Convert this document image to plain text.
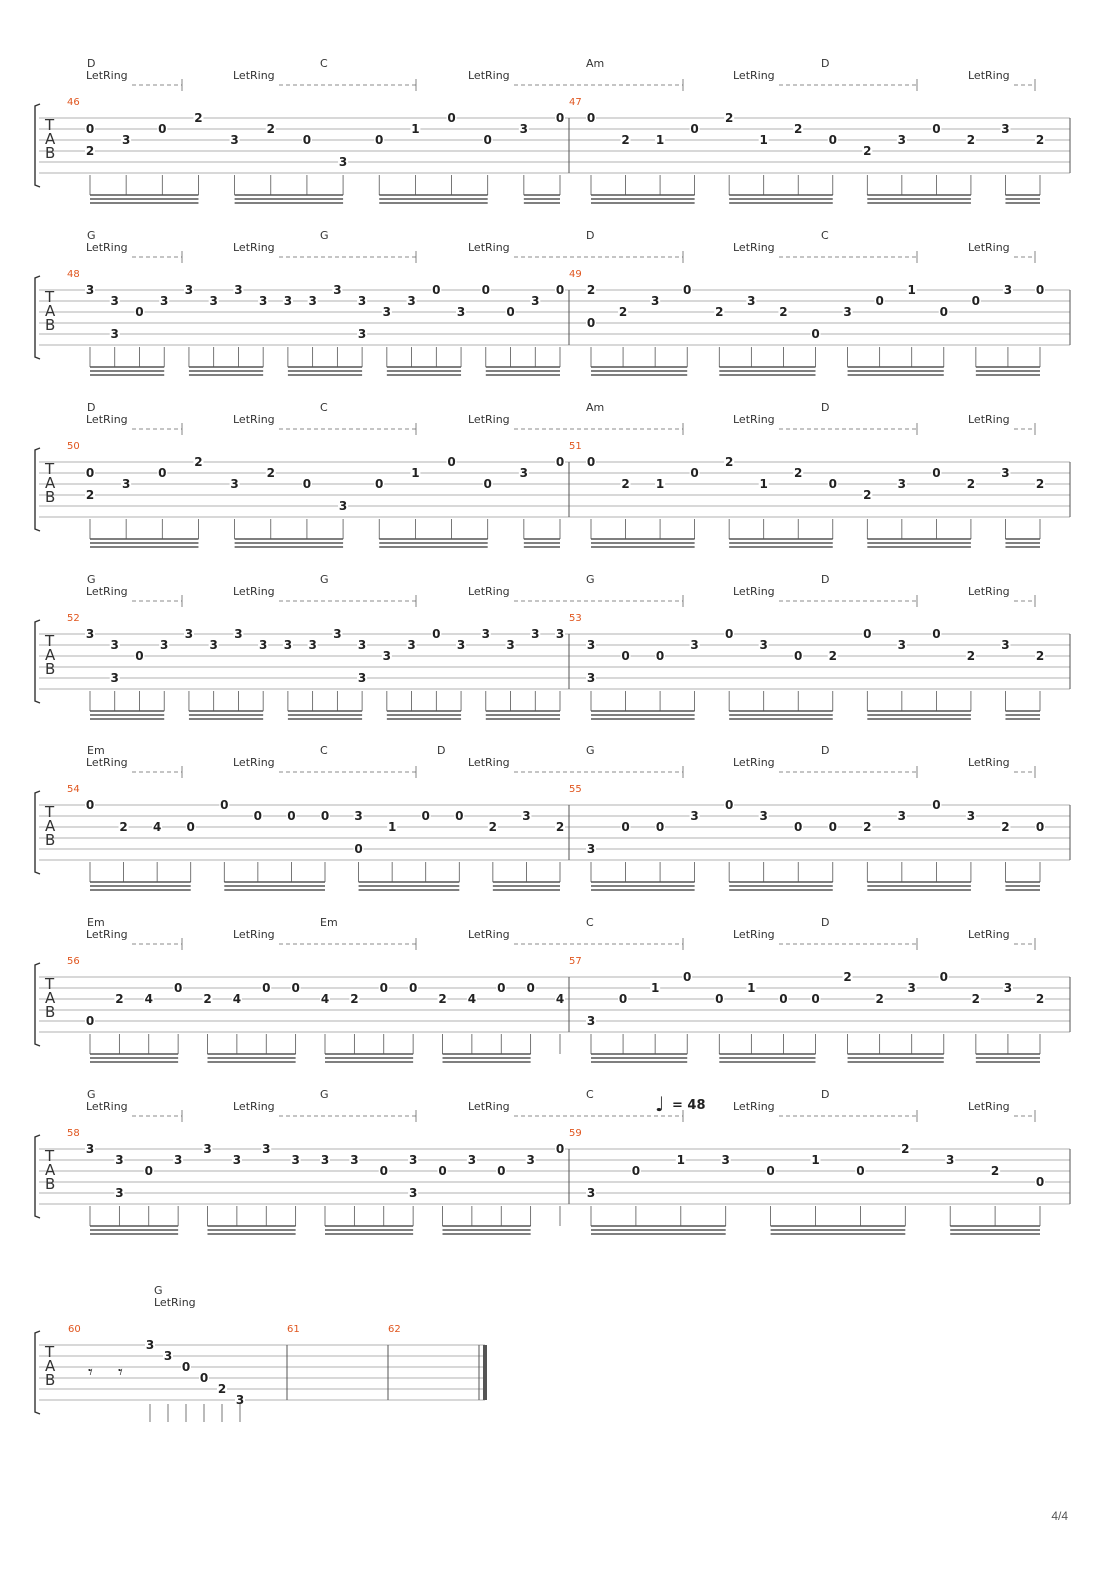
T
A
B
46	47
LetRing	LetRing	LetRing	LetRing	LetRing
D	C	Am	D
0
2
3
0
2
3
2
0
3
0
1
0
0
3
0 0
2 1
0
2
1
2
0
2
3
0
2
3
2
T
A
B
48	49
LetRing	LetRing	LetRing	LetRing	LetRing
G	G	D	C
3
3
3
0
3
3
3
3
3 3 3
3
3
3
3
3
0
3
0
0
3
0 2
0
2
3
0
2
3
2
0
3
0
1
0
0
3 0
T
A
B
50	51
LetRing	LetRing	LetRing	LetRing	LetRing
D	C	Am	D
0
2
3
0
2
3
2
0
3
0
1
0
0
3
0 0
2 1
0
2
1
2
0
2
3
0
2
3
2
T
A
B
52	53
LetRing	LetRing	LetRing	LetRing	LetRing
G	G	G	D
3
3
3
0
3
3
3
3
3 3 3
3
3
3
3
3
0
3
3
3
3 3
3
3
0 0
3
0
3
0 2
0
3
0
2
3
2
T
A
B
54	55
LetRing	LetRing	LetRing	LetRing	LetRing
Em	C	D	G	D
0
2 4 0
0
0 0 0 3
0
1
0 0
2
3
2
3
0 0
3
0
3
0 0 2
3
0
3
2 0
T
A
B
56	57
LetRing	LetRing	LetRing	LetRing	LetRing
Em	Em	C	D
0
2 4
0
2 4
0 0
4 2
0 0
2 4
0 0
4
3
0
1
0
0
1
0 0
2
2
3
0
2
3
2
T
A
B
58	59
LetRing	LetRing	LetRing	LetRing	LetRing
G	G	C	D
3
3
3
0
3
3
3
3
3 3 3
0
3
3
0
3
0
3
0
3
0
1	3
0
1
0
2
3
2
0
♩ = 48
T
A
B
60	61	62
LetRing
G
3
3
0
0
2
3
𝄾 𝄾
4/4
